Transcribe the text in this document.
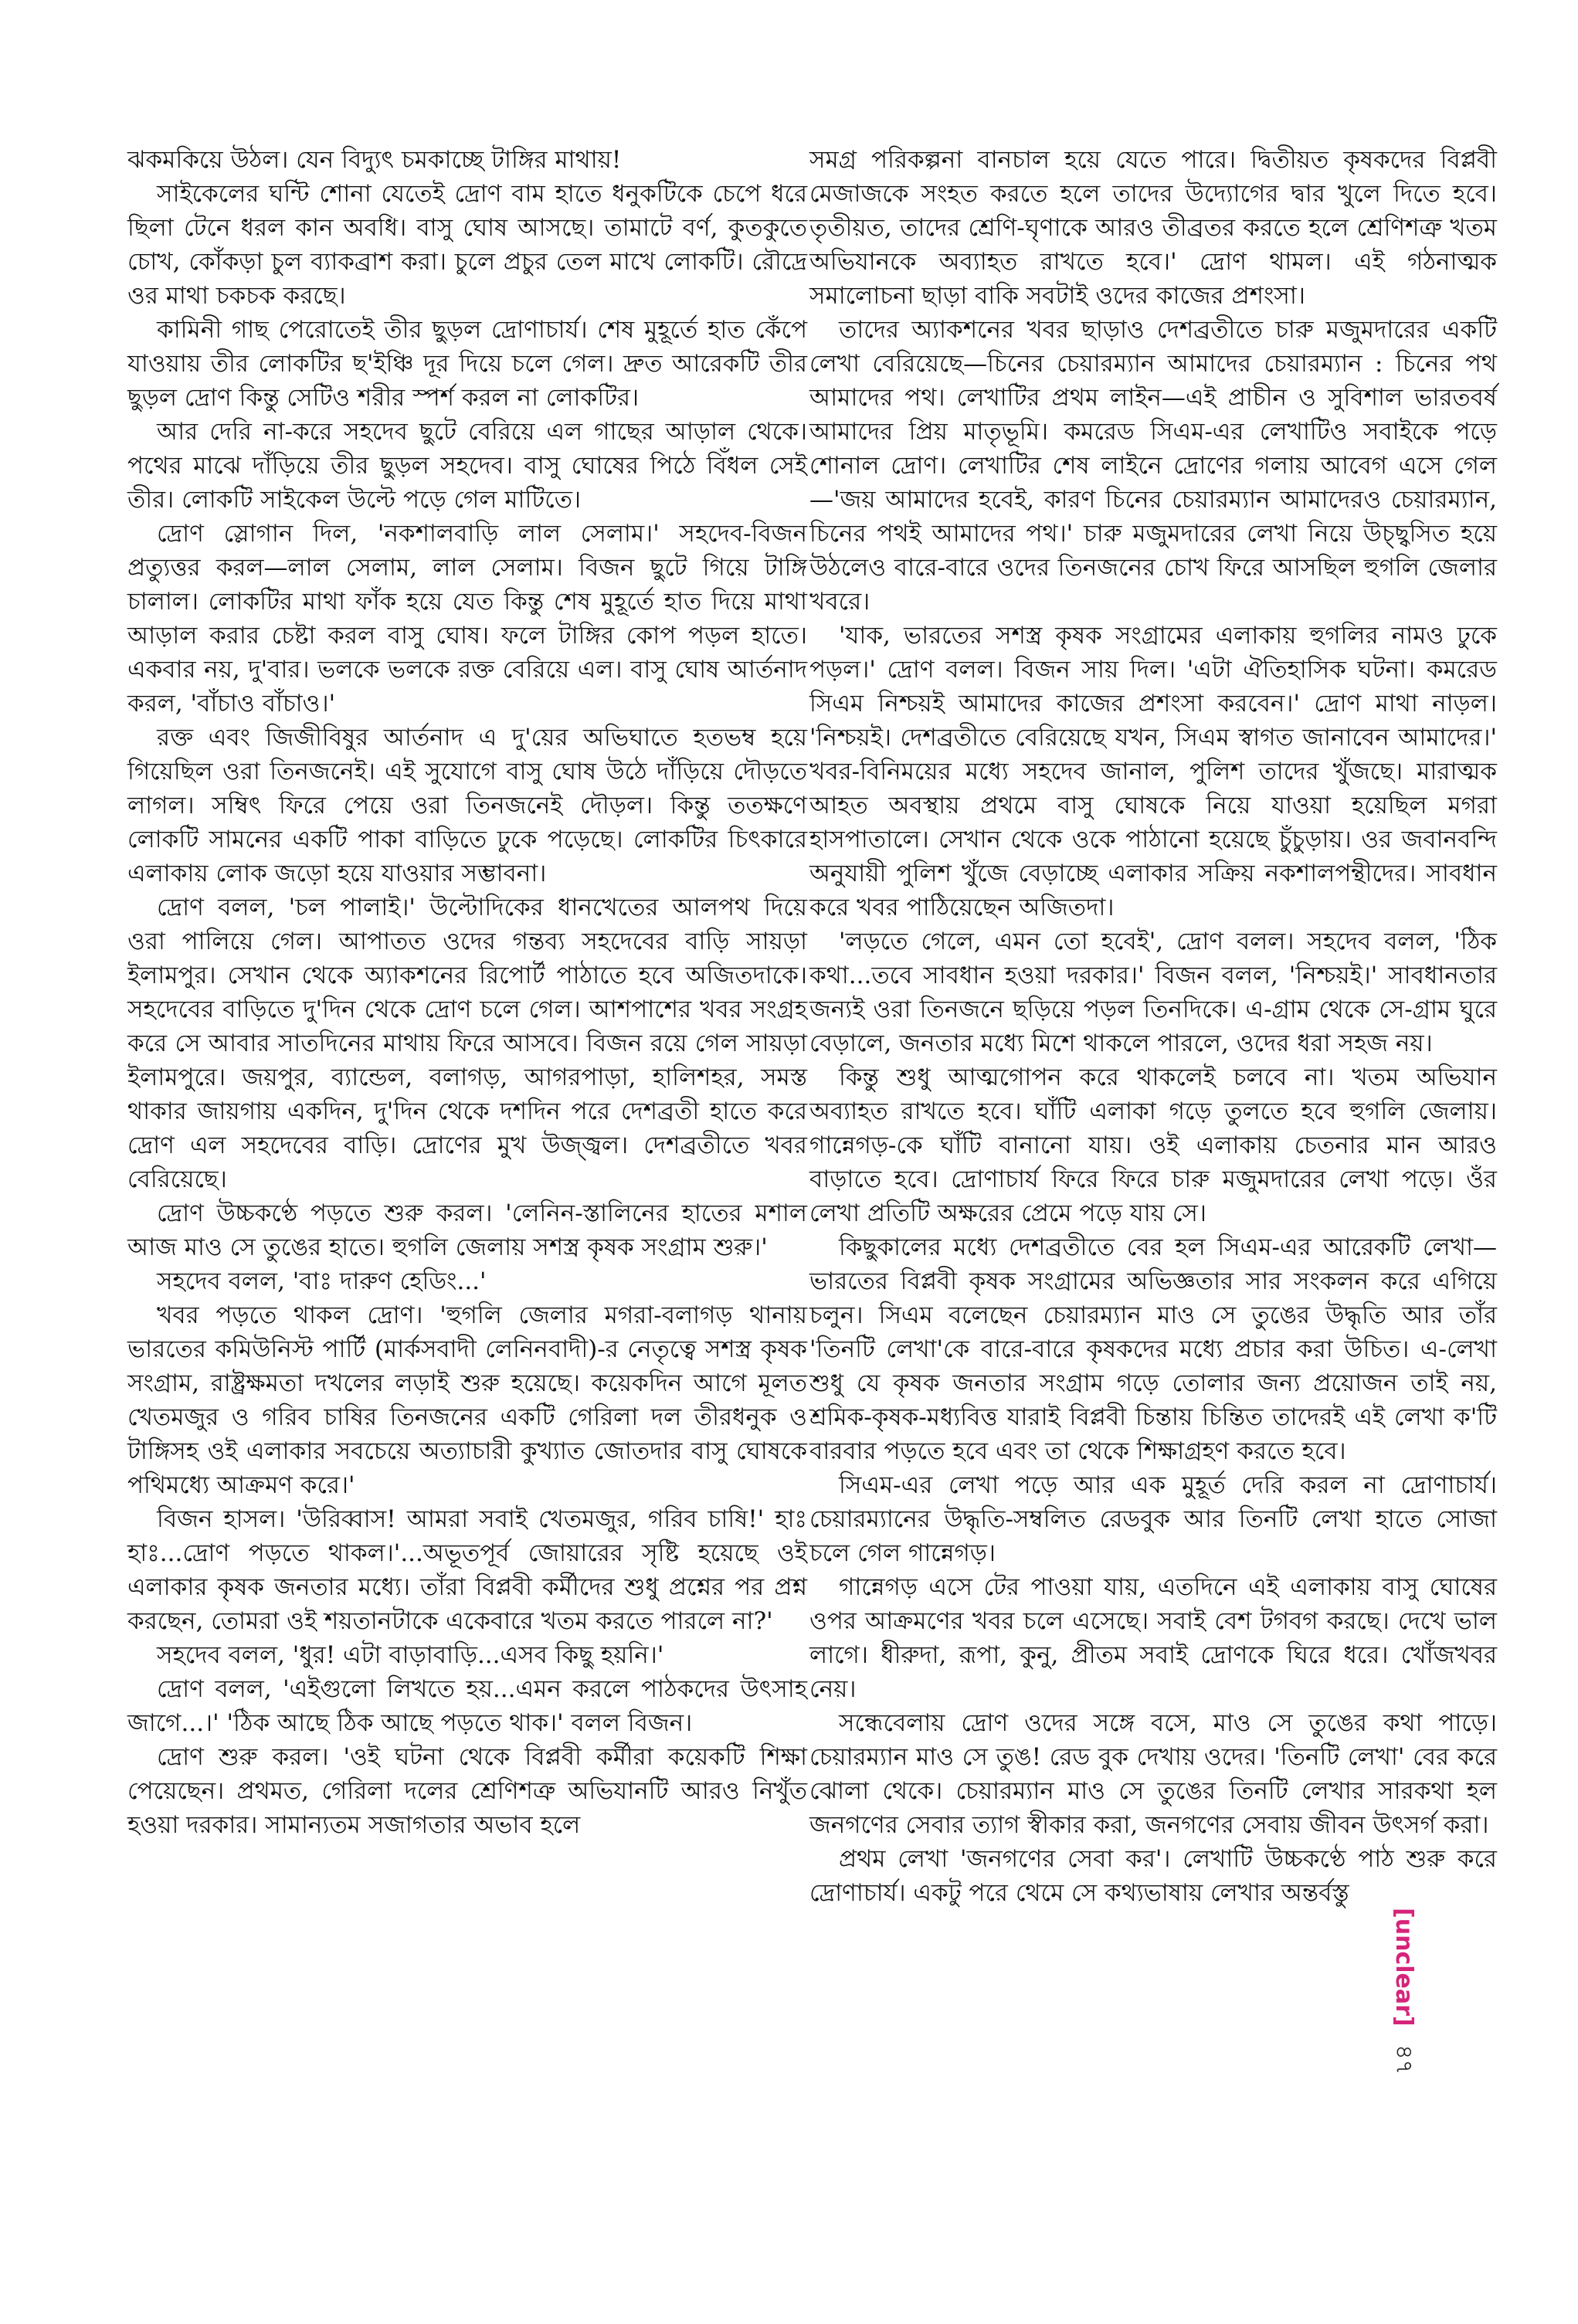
ঝকমকিয়ে উঠল। যেন বিদ্যুৎ চমকাচ্ছে টাঙ্গির মাথায়!

সাইকেলের ঘন্টি শোনা যেতেই দ্রোণ বাম হাতে ধনুকটিকে চেপে ধরে ছিলা টেনে ধরল কান অবধি। বাসু ঘোষ আসছে। তামাটে বর্ণ, কুতকুতে চোখ, কোঁকড়া চুল ব্যাকব্রাশ করা। চুলে প্রচুর তেল মাখে লোকটি। রৌদ্রে ওর মাথা চকচক করছে।

কামিনী গাছ পেরোতেই তীর ছুড়ল দ্রোণাচার্য। শেষ মুহূর্তে হাত কেঁপে যাওয়ায় তীর লোকটির ছ'ইঞ্চি দূর দিয়ে চলে গেল। দ্রুত আরেকটি তীর ছুড়ল দ্রোণ কিন্তু সেটিও শরীর স্পর্শ করল না লোকটির।

আর দেরি না-করে সহদেব ছুটে বেরিয়ে এল গাছের আড়াল থেকে। পথের মাঝে দাঁড়িয়ে তীর ছুড়ল সহদেব। বাসু ঘোষের পিঠে বিঁধল সেই তীর। লোকটি সাইকেল উল্টে পড়ে গেল মাটিতে।

দ্রোণ স্লোগান দিল, 'নকশালবাড়ি লাল সেলাম।' সহদেব-বিজন প্রত্যুত্তর করল—লাল সেলাম, লাল সেলাম। বিজন ছুটে গিয়ে টাঙ্গি চালাল। লোকটির মাথা ফাঁক হয়ে যেত কিন্তু শেষ মুহূর্তে হাত দিয়ে মাথা আড়াল করার চেষ্টা করল বাসু ঘোষ। ফলে টাঙ্গির কোপ পড়ল হাতে। একবার নয়, দু'বার। ভলকে ভলকে রক্ত বেরিয়ে এল। বাসু ঘোষ আর্তনাদ করল, 'বাঁচাও বাঁচাও।'

রক্ত এবং জিজীবিষুর আর্তনাদ এ দু'য়ের অভিঘাতে হতভম্ব হয়ে গিয়েছিল ওরা তিনজনেই। এই সুযোগে বাসু ঘোষ উঠে দাঁড়িয়ে দৌড়তে লাগল। সম্বিৎ ফিরে পেয়ে ওরা তিনজনেই দৌড়ল। কিন্তু ততক্ষণে লোকটি সামনের একটি পাকা বাড়িতে ঢুকে পড়েছে। লোকটির চিৎকারে এলাকায় লোক জড়ো হয়ে যাওয়ার সম্ভাবনা।

দ্রোণ বলল, 'চল পালাই।' উল্টোদিকের ধানখেতের আলপথ দিয়ে ওরা পালিয়ে গেল। আপাতত ওদের গন্তব্য সহদেবের বাড়ি সায়ড়া ইলামপুর। সেখান থেকে অ্যাকশনের রিপোর্ট পাঠাতে হবে অজিতদাকে। সহদেবের বাড়িতে দু'দিন থেকে দ্রোণ চলে গেল। আশপাশের খবর সংগ্রহ করে সে আবার সাতদিনের মাথায় ফিরে আসবে। বিজন রয়ে গেল সায়ড়া ইলামপুরে। জয়পুর, ব্যান্ডেল, বলাগড়, আগরপাড়া, হালিশহর, সমস্ত থাকার জায়গায় একদিন, দু'দিন থেকে দশদিন পরে দেশব্রতী হাতে করে দ্রোণ এল সহদেবের বাড়ি। দ্রোণের মুখ উজ্জ্বল। দেশব্রতীতে খবর বেরিয়েছে।

দ্রোণ উচ্চকণ্ঠে পড়তে শুরু করল। 'লেনিন-স্তালিনের হাতের মশাল আজ মাও সে তুঙের হাতে। হুগলি জেলায় সশস্ত্র কৃষক সংগ্রাম শুরু।'

সহদেব বলল, 'বাঃ দারুণ হেডিং...'

খবর পড়তে থাকল দ্রোণ। 'হুগলি জেলার মগরা-বলাগড় থানায় ভারতের কমিউনিস্ট পার্টি (মার্কসবাদী লেনিনবাদী)-র নেতৃত্বে সশস্ত্র কৃষক সংগ্রাম, রাষ্ট্রক্ষমতা দখলের লড়াই শুরু হয়েছে। কয়েকদিন আগে মূলত খেতমজুর ও গরিব চাষির তিনজনের একটি গেরিলা দল তীরধনুক ও টাঙ্গিসহ ওই এলাকার সবচেয়ে অত্যাচারী কুখ্যাত জোতদার বাসু ঘোষকে পথিমধ্যে আক্রমণ করে।'

বিজন হাসল। 'উরিব্বাস! আমরা সবাই খেতমজুর, গরিব চাষি!' হাঃ হাঃ...দ্রোণ পড়তে থাকল।'...অভূতপূর্ব জোয়ারের সৃষ্টি হয়েছে ওই এলাকার কৃষক জনতার মধ্যে। তাঁরা বিপ্লবী কর্মীদের শুধু প্রশ্নের পর প্রশ্ন করছেন, তোমরা ওই শয়তানটাকে একেবারে খতম করতে পারলে না?'

সহদেব বলল, 'ধুর! এটা বাড়াবাড়ি...এসব কিছু হয়নি।'

দ্রোণ বলল, 'এইগুলো লিখতে হয়...এমন করলে পাঠকদের উৎসাহ জাগে...।' 'ঠিক আছে ঠিক আছে পড়তে থাক।' বলল বিজন।

দ্রোণ শুরু করল। 'ওই ঘটনা থেকে বিপ্লবী কর্মীরা কয়েকটি শিক্ষা পেয়েছেন। প্রথমত, গেরিলা দলের শ্রেণিশত্রু অভিযানটি আরও নিখুঁত হওয়া দরকার। সামান্যতম সজাগতার অভাব হলে

সমগ্র পরিকল্পনা বানচাল হয়ে যেতে পারে। দ্বিতীয়ত কৃষকদের বিপ্লবী মেজাজকে সংহত করতে হলে তাদের উদ্যোগের দ্বার খুলে দিতে হবে। তৃতীয়ত, তাদের শ্রেণি-ঘৃণাকে আরও তীব্রতর করতে হলে শ্রেণিশত্রু খতম অভিযানকে অব্যাহত রাখতে হবে।' দ্রোণ থামল। এই গঠনাত্মক সমালোচনা ছাড়া বাকি সবটাই ওদের কাজের প্রশংসা।

তাদের অ্যাকশনের খবর ছাড়াও দেশব্রতীতে চারু মজুমদারের একটি লেখা বেরিয়েছে—চিনের চেয়ারম্যান আমাদের চেয়ারম্যান : চিনের পথ আমাদের পথ। লেখাটির প্রথম লাইন—এই প্রাচীন ও সুবিশাল ভারতবর্ষ আমাদের প্রিয় মাতৃভূমি। কমরেড সিএম-এর লেখাটিও সবাইকে পড়ে শোনাল দ্রোণ। লেখাটির শেষ লাইনে দ্রোণের গলায় আবেগ এসে গেল—'জয় আমাদের হবেই, কারণ চিনের চেয়ারম্যান আমাদেরও চেয়ারম্যান, চিনের পথই আমাদের পথ।' চারু মজুমদারের লেখা নিয়ে উচ্ছ্বসিত হয়ে উঠলেও বারে-বারে ওদের তিনজনের চোখ ফিরে আসছিল হুগলি জেলার খবরে।

'যাক, ভারতের সশস্ত্র কৃষক সংগ্রামের এলাকায় হুগলির নামও ঢুকে পড়ল।' দ্রোণ বলল। বিজন সায় দিল। 'এটা ঐতিহাসিক ঘটনা। কমরেড সিএম নিশ্চয়ই আমাদের কাজের প্রশংসা করবেন।' দ্রোণ মাথা নাড়ল। 'নিশ্চয়ই। দেশব্রতীতে বেরিয়েছে যখন, সিএম স্বাগত জানাবেন আমাদের।' খবর-বিনিময়ের মধ্যে সহদেব জানাল, পুলিশ তাদের খুঁজছে। মারাত্মক আহত অবস্থায় প্রথমে বাসু ঘোষকে নিয়ে যাওয়া হয়েছিল মগরা হাসপাতালে। সেখান থেকে ওকে পাঠানো হয়েছে চুঁচুড়ায়। ওর জবানবন্দি অনুযায়ী পুলিশ খুঁজে বেড়াচ্ছে এলাকার সক্রিয় নকশালপন্থীদের। সাবধান করে খবর পাঠিয়েছেন অজিতদা।

'লড়তে গেলে, এমন তো হবেই', দ্রোণ বলল। সহদেব বলল, 'ঠিক কথা...তবে সাবধান হওয়া দরকার।' বিজন বলল, 'নিশ্চয়ই।' সাবধানতার জন্যই ওরা তিনজনে ছড়িয়ে পড়ল তিনদিকে। এ-গ্রাম থেকে সে-গ্রাম ঘুরে বেড়ালে, জনতার মধ্যে মিশে থাকলে পারলে, ওদের ধরা সহজ নয়।

কিন্তু শুধু আত্মগোপন করে থাকলেই চলবে না। খতম অভিযান অব্যাহত রাখতে হবে। ঘাঁটি এলাকা গড়ে তুলতে হবে হুগলি জেলায়। গান্নেগড়-কে ঘাঁটি বানানো যায়। ওই এলাকায় চেতনার মান আরও বাড়াতে হবে। দ্রোণাচার্য ফিরে ফিরে চারু মজুমদারের লেখা পড়ে। ওঁর লেখা প্রতিটি অক্ষরের প্রেমে পড়ে যায় সে।

কিছুকালের মধ্যে দেশব্রতীতে বের হল সিএম-এর আরেকটি লেখা—ভারতের বিপ্লবী কৃষক সংগ্রামের অভিজ্ঞতার সার সংকলন করে এগিয়ে চলুন। সিএম বলেছেন চেয়ারম্যান মাও সে তুঙের উদ্ধৃতি আর তাঁর 'তিনটি লেখা'কে বারে-বারে কৃষকদের মধ্যে প্রচার করা উচিত। এ-লেখা শুধু যে কৃষক জনতার সংগ্রাম গড়ে তোলার জন্য প্রয়োজন তাই নয়, শ্রমিক-কৃষক-মধ্যবিত্ত যারাই বিপ্লবী চিন্তায় চিন্তিত তাদেরই এই লেখা ক'টি বারবার পড়তে হবে এবং তা থেকে শিক্ষাগ্রহণ করতে হবে।

সিএম-এর লেখা পড়ে আর এক মুহূর্ত দেরি করল না দ্রোণাচার্য। চেয়ারম্যানের উদ্ধৃতি-সম্বলিত রেডবুক আর তিনটি লেখা হাতে সোজা চলে গেল গান্নেগড়।

গান্নেগড় এসে টের পাওয়া যায়, এতদিনে এই এলাকায় বাসু ঘোষের ওপর আক্রমণের খবর চলে এসেছে। সবাই বেশ টগবগ করছে। দেখে ভাল লাগে। ধীরুদা, রূপা, কুনু, প্রীতম সবাই দ্রোণকে ঘিরে ধরে। খোঁজখবর নেয়।

সন্ধেবেলায় দ্রোণ ওদের সঙ্গে বসে, মাও সে তুঙের কথা পাড়ে। চেয়ারম্যান মাও সে তুঙ! রেড বুক দেখায় ওদের। 'তিনটি লেখা' বের করে ঝোলা থেকে। চেয়ারম্যান মাও সে তুঙের তিনটি লেখার সারকথা হল জনগণের সেবার ত্যাগ স্বীকার করা, জনগণের সেবায় জীবন উৎসর্গ করা।

প্রথম লেখা 'জনগণের সেবা কর'। লেখাটি উচ্চকণ্ঠে পাঠ শুরু করে দ্রোণাচার্য। একটু পরে থেমে সে কথ্যভাষায় লেখার অন্তর্বস্তু

[unclear] ৪৭
